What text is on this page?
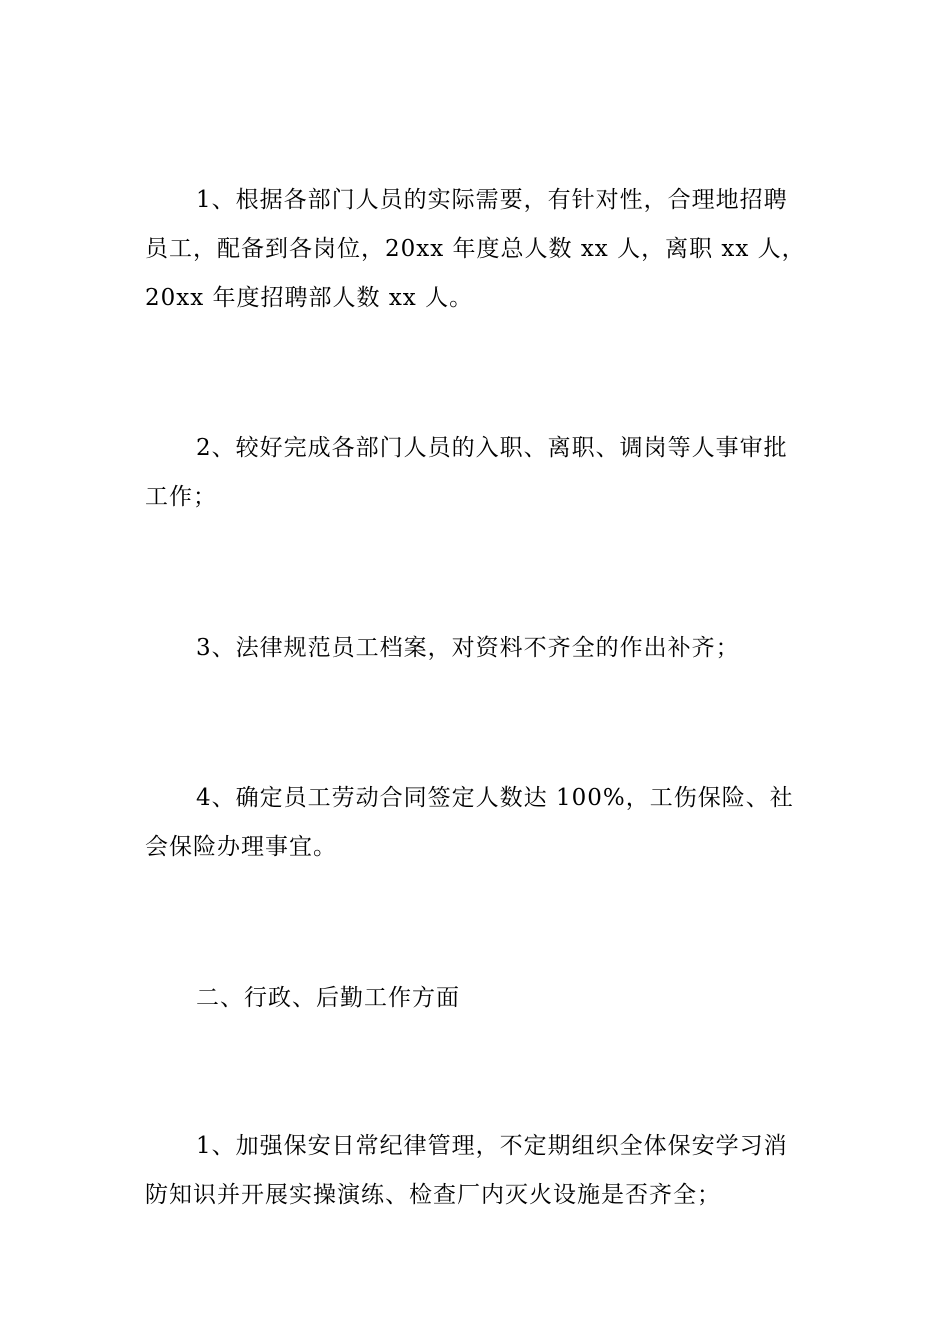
1、根据各部门人员的实际需要，有针对性，合理地招聘员工，配备到各岗位，20xx 年度总人数 xx 人，离职 xx 人，20xx 年度招聘部人数 xx 人。

2、较好完成各部门人员的入职、离职、调岗等人事审批工作；

3、法律规范员工档案，对资料不齐全的作出补齐；

4、确定员工劳动合同签定人数达 100%，工伤保险、社会保险办理事宜。

二、行政、后勤工作方面

1、加强保安日常纪律管理，不定期组织全体保安学习消防知识并开展实操演练、检查厂内灭火设施是否齐全；
